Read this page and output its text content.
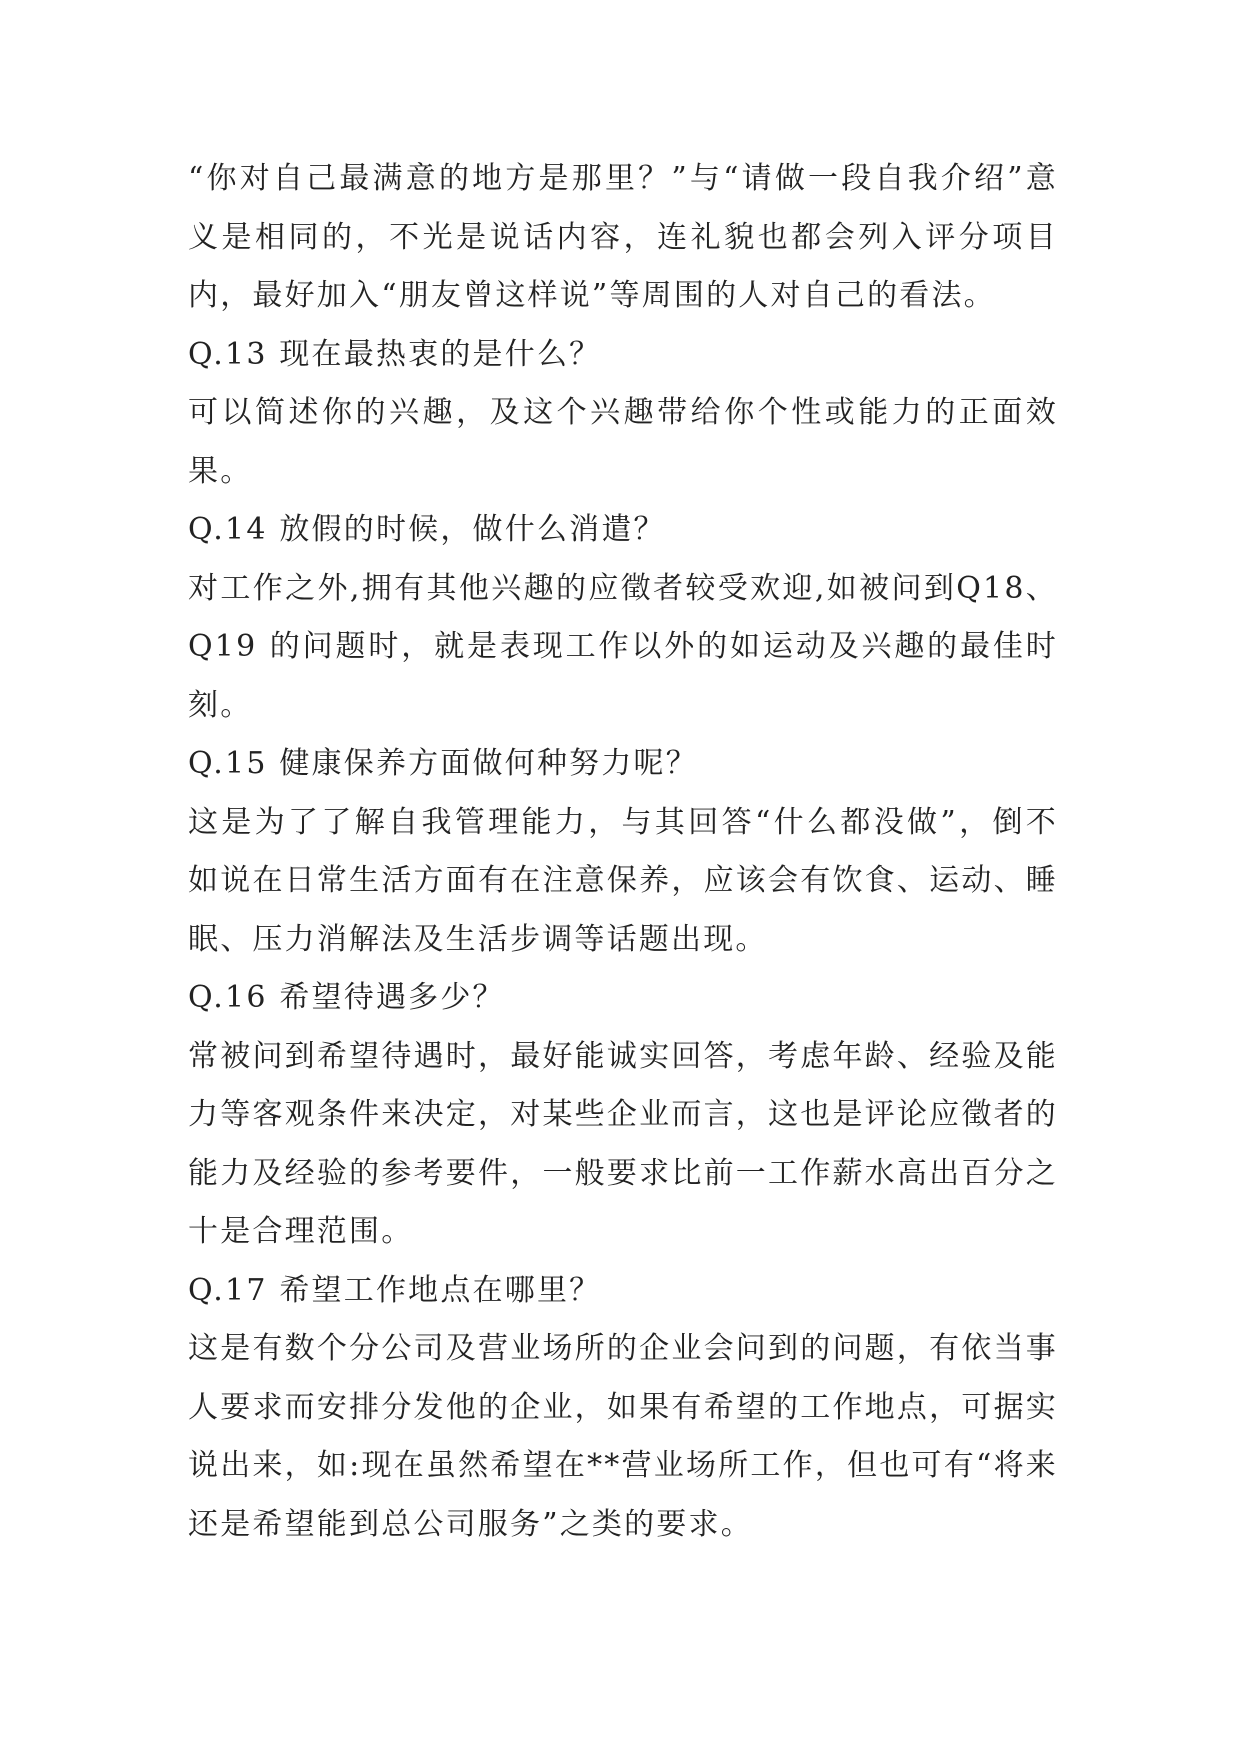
“你对自己最满意的地方是那里？”与“请做一段自我介绍”意义是相同的，不光是说话内容，连礼貌也都会列入评分项目内，最好加入“朋友曾这样说”等周围的人对自己的看法。

Q.13 现在最热衷的是什么？

可以简述你的兴趣，及这个兴趣带给你个性或能力的正面效果。

Q.14 放假的时候，做什么消遣？

对工作之外,拥有其他兴趣的应徵者较受欢迎,如被问到Q18、Q19 的问题时，就是表现工作以外的如运动及兴趣的最佳时刻。

Q.15 健康保养方面做何种努力呢？

这是为了了解自我管理能力，与其回答“什么都没做”，倒不如说在日常生活方面有在注意保养，应该会有饮食、运动、睡眠、压力消解法及生活步调等话题出现。

Q.16 希望待遇多少？

常被问到希望待遇时，最好能诚实回答，考虑年龄、经验及能力等客观条件来决定，对某些企业而言，这也是评论应徵者的能力及经验的参考要件，一般要求比前一工作薪水高出百分之十是合理范围。

Q.17 希望工作地点在哪里？

这是有数个分公司及营业场所的企业会问到的问题，有依当事人要求而安排分发他的企业，如果有希望的工作地点，可据实说出来，如:现在虽然希望在**营业场所工作，但也可有“将来还是希望能到总公司服务”之类的要求。
